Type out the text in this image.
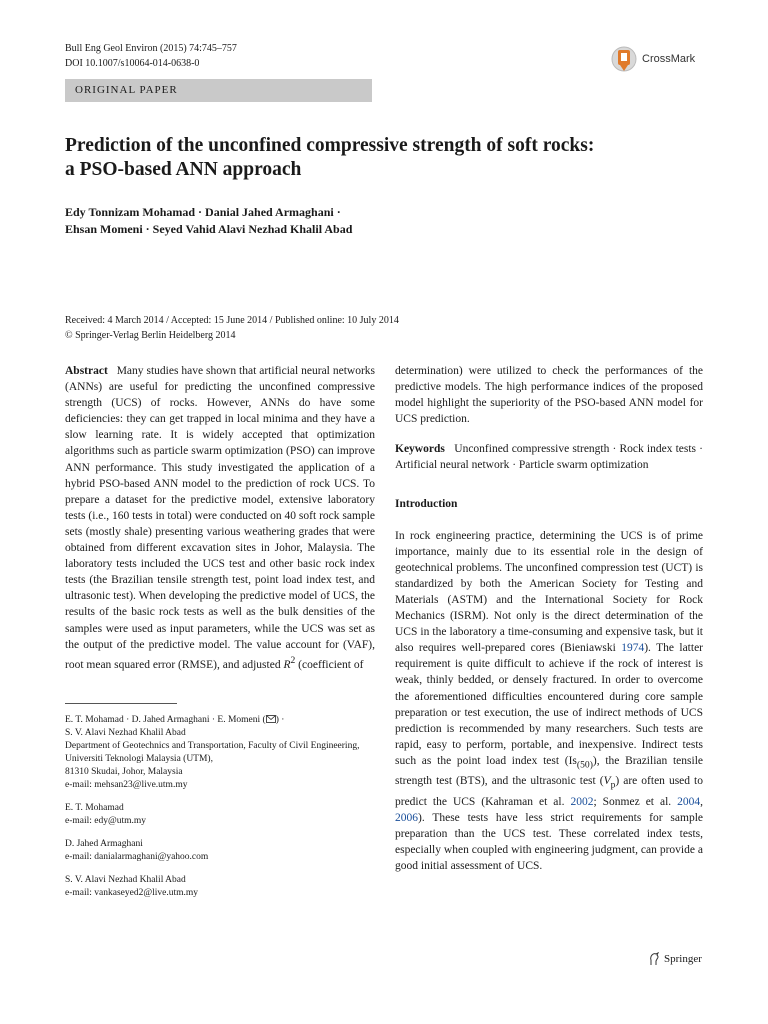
Bull Eng Geol Environ (2015) 74:745–757
DOI 10.1007/s10064-014-0638-0	CrossMark
ORIGINAL PAPER
Prediction of the unconfined compressive strength of soft rocks:
a PSO-based ANN approach
Edy Tonnizam Mohamad · Danial Jahed Armaghani ·
Ehsan Momeni · Seyed Vahid Alavi Nezhad Khalil Abad
Received: 4 March 2014 / Accepted: 15 June 2014 / Published online: 10 July 2014
© Springer-Verlag Berlin Heidelberg 2014

Abstract Many studies have shown that artificial neural networks (ANNs) are useful for predicting the unconfined compressive strength (UCS) of rocks. However, ANNs do have some deficiencies: they can get trapped in local minima and they have a slow learning rate. It is widely accepted that optimization algorithms such as particle swarm optimization (PSO) can improve ANN performance. This study investigated the application of a hybrid PSO-based ANN model to the prediction of rock UCS. To prepare a dataset for the predictive model, extensive laboratory tests (i.e., 160 tests in total) were conducted on 40 soft rock sample sets (mostly shale) presenting various weathering grades that were obtained from different excavation sites in Johor, Malaysia. The laboratory tests included the UCS test and other basic rock index tests (the Brazilian tensile strength test, point load index test, and ultrasonic test). When developing the predictive model of UCS, the results of the basic rock tests as well as the bulk densities of the samples were used as input parameters, while the UCS was set as the output of the predictive model. The value account for (VAF), root mean squared error (RMSE), and adjusted $R^2$ (coefficient of

E. T. Mohamad · D. Jahed Armaghani · E. Momeni ( ) ·
S. V. Alavi Nezhad Khalil Abad
Department of Geotechnics and Transportation, Faculty of Civil Engineering, Universiti Teknologi Malaysia (UTM),
81310 Skudai, Johor, Malaysia
e-mail: mehsan23@live.utm.my

E. T. Mohamad
e-mail: edy@utm.my

D. Jahed Armaghani
e-mail: danialarmaghani@yahoo.com

S. V. Alavi Nezhad Khalil Abad
e-mail: vankaseyed2@live.utm.my

determination) were utilized to check the performances of the predictive models. The high performance indices of the proposed model highlight the superiority of the PSO-based ANN model for UCS prediction.

Keywords Unconfined compressive strength · Rock index tests · Artificial neural network · Particle swarm optimization

Introduction

In rock engineering practice, determining the UCS is of prime importance, mainly due to its essential role in the design of geotechnical problems. The unconfined compression test (UCT) is standardized by both the American Society for Testing and Materials (ASTM) and the International Society for Rock Mechanics (ISRM). Not only is the direct determination of the UCS in the laboratory a time-consuming and expensive task, but it also requires well-prepared cores (Bieniawski 1974). The latter requirement is quite difficult to achieve if the rock of interest is weak, thinly bedded, or densely fractured. In order to overcome the aforementioned difficulties encountered during core sample preparation or test execution, the use of indirect methods of UCS prediction is recommended by many researchers. Such tests are rapid, easy to perform, portable, and inexpensive. Indirect tests such as the point load index test $(Is_{(50)})$, the Brazilian tensile strength test (BTS), and the ultrasonic test $(V_p)$ are often used to predict the UCS (Kahraman et al. 2002; Sonmez et al. 2004, 2006). These tests have less strict requirements for sample preparation than the UCS test. These correlated index tests, especially when coupled with engineering judgment, can provide a good initial assessment of UCS.

Springer
